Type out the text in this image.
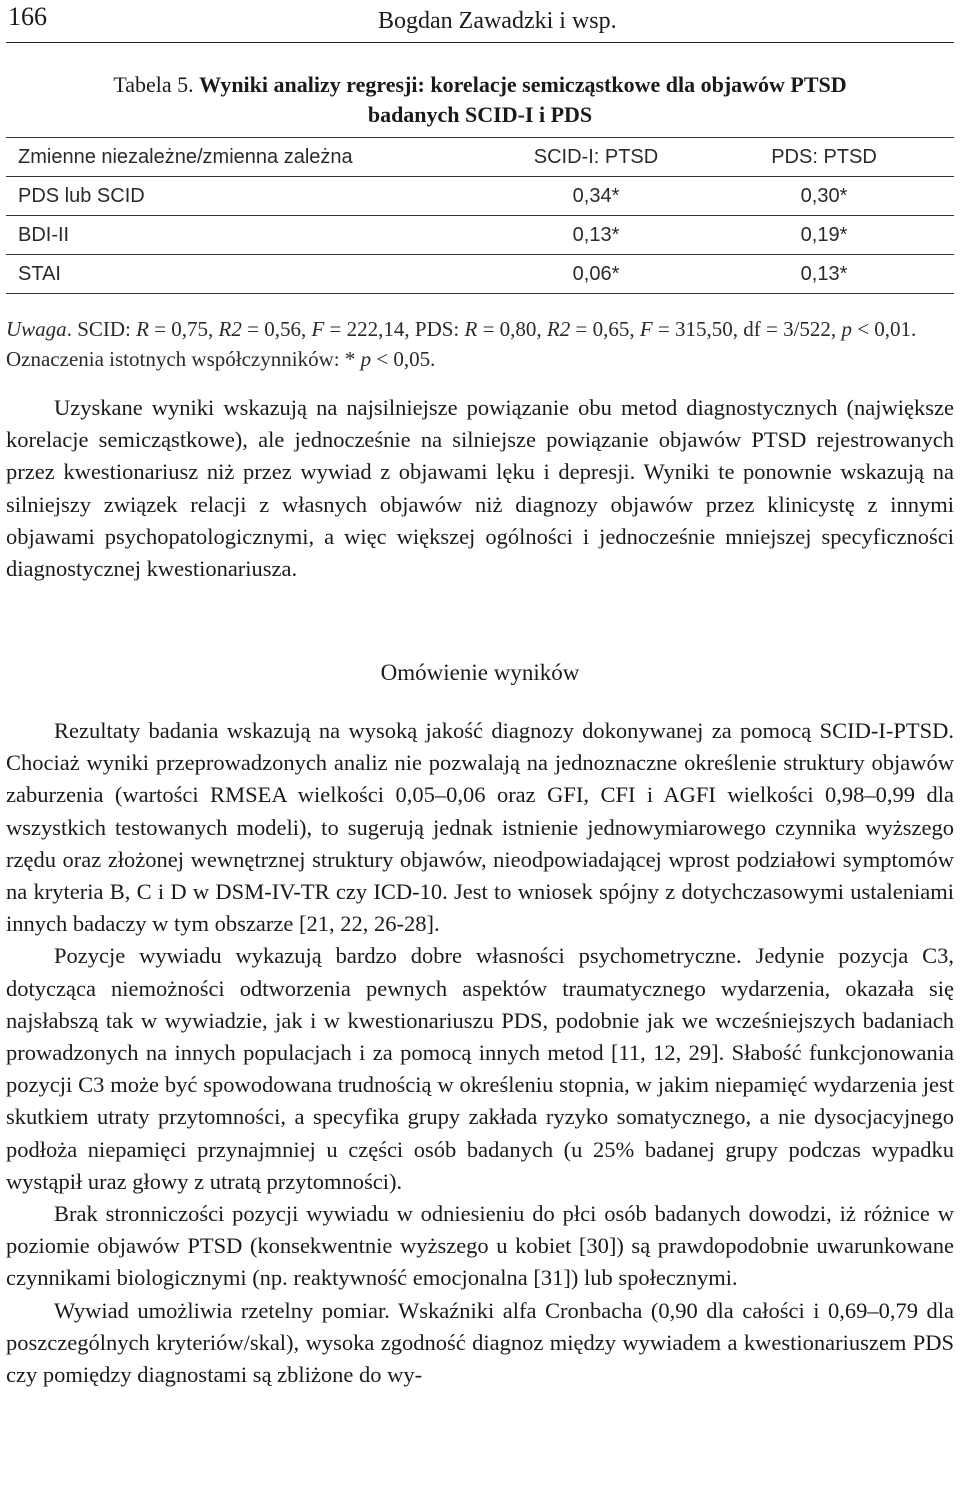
166	Bogdan Zawadzki i wsp.
Tabela 5. Wyniki analizy regresji: korelacje semicząstkowe dla objawów PTSD
badanych SCID-I i PDS
Zmienne niezależne/zmienna zależna	SCID-I: PTSD	PDS: PTSD
PDS lub SCID	0,34*	0,30*
BDI-II	0,13*	0,19*
STAI	0,06*	0,13*
Uwaga. SCID: R = 0,75, R2 = 0,56, F = 222,14, PDS: R = 0,80, R2 = 0,65, F = 315,50, df = 3/522, p < 0,01. Oznaczenia istotnych współczynników: * p < 0,05.

Uzyskane wyniki wskazują na najsilniejsze powiązanie obu metod diagnostycznych (największe korelacje semicząstkowe), ale jednocześnie na silniejsze powiązanie objawów PTSD rejestrowanych przez kwestionariusz niż przez wywiad z objawami lęku i depresji. Wyniki te ponownie wskazują na silniejszy związek relacji z własnych objawów niż diagnozy objawów przez klinicystę z innymi objawami psychopatologicznymi, a więc większej ogólności i jednocześnie mniejszej specyficzności diagnostycznej kwestionariusza.

Omówienie wyników

Rezultaty badania wskazują na wysoką jakość diagnozy dokonywanej za pomocą SCID-I-PTSD. Chociaż wyniki przeprowadzonych analiz nie pozwalają na jednoznaczne określenie struktury objawów zaburzenia (wartości RMSEA wielkości 0,05–0,06 oraz GFI, CFI i AGFI wielkości 0,98–0,99 dla wszystkich testowanych modeli), to sugerują jednak istnienie jednowymiarowego czynnika wyższego rzędu oraz złożonej wewnętrznej struktury objawów, nieodpowiadającej wprost podziałowi symptomów na kryteria B, C i D w DSM-IV-TR czy ICD-10. Jest to wniosek spójny z dotychczasowymi ustaleniami innych badaczy w tym obszarze [21, 22, 26-28].

Pozycje wywiadu wykazują bardzo dobre własności psychometryczne. Jedynie pozycja C3, dotycząca niemożności odtworzenia pewnych aspektów traumatycznego wydarzenia, okazała się najsłabszą tak w wywiadzie, jak i w kwestionariuszu PDS, podobnie jak we wcześniejszych badaniach prowadzonych na innych populacjach i za pomocą innych metod [11, 12, 29]. Słabość funkcjonowania pozycji C3 może być spowodowana trudnością w określeniu stopnia, w jakim niepamięć wydarzenia jest skutkiem utraty przytomności, a specyfika grupy zakłada ryzyko somatycznego, a nie dysocjacyjnego podłoża niepamięci przynajmniej u części osób badanych (u 25% badanej grupy podczas wypadku wystąpił uraz głowy z utratą przytomności).

Brak stronniczości pozycji wywiadu w odniesieniu do płci osób badanych dowodzi, iż różnice w poziomie objawów PTSD (konsekwentnie wyższego u kobiet [30]) są prawdopodobnie uwarunkowane czynnikami biologicznymi (np. reaktywność emocjonalna [31]) lub społecznymi.

Wywiad umożliwia rzetelny pomiar. Wskaźniki alfa Cronbacha (0,90 dla całości i 0,69–0,79 dla poszczególnych kryteriów/skal), wysoka zgodność diagnoz między wywiadem a kwestionariuszem PDS czy pomiędzy diagnostami są zbliżone do wy-
